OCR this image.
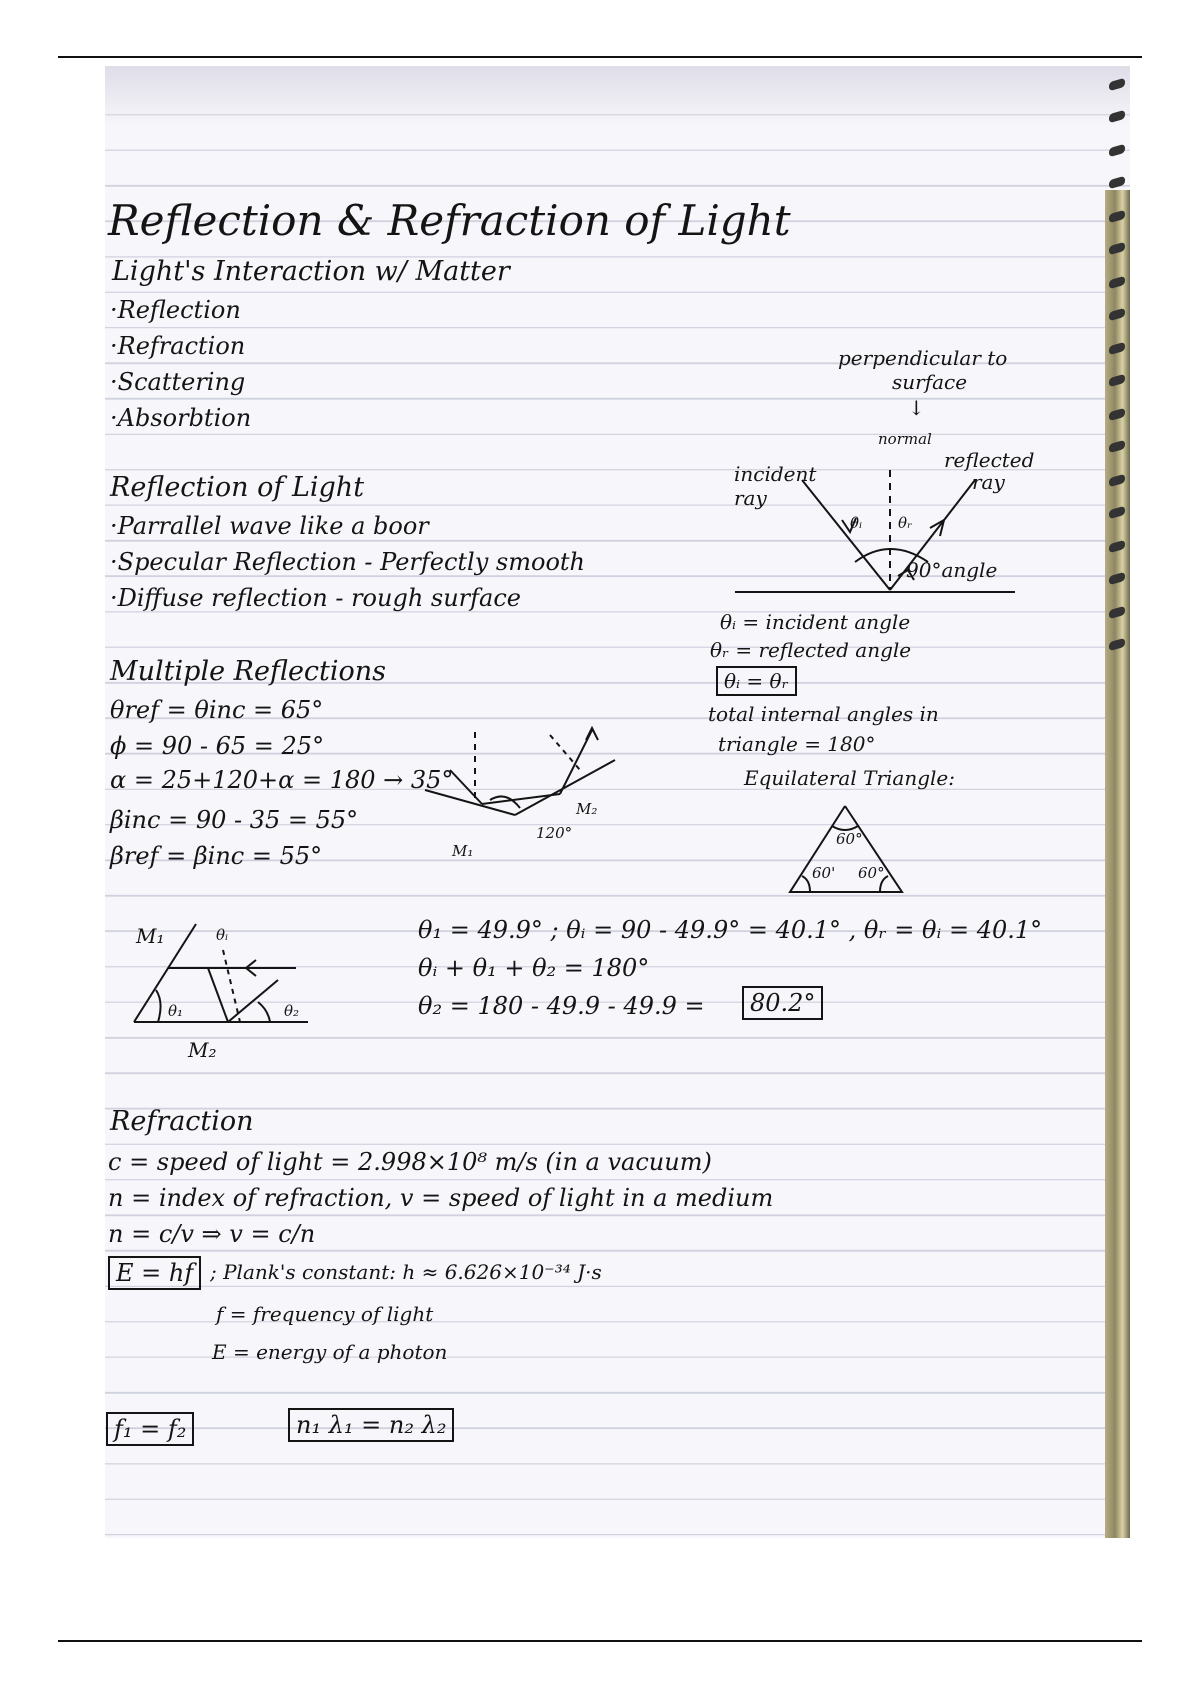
Reflection & Refraction of Light

Light's Interaction w/ Matter

·Reflection

·Refraction

·Scattering

·Absorbtion

Reflection of Light

·Parrallel wave like a boor

·Specular Reflection - Perfectly smooth

·Diffuse reflection - rough surface

perpendicular to

surface

↓

normal

incident

ray

reflected

ray

θᵢ θᵣ

90°angle

θᵢ = incident angle

θᵣ = reflected angle

θᵢ = θᵣ

total internal angles in

triangle = 180°

Equilateral Triangle:

60°

60' 60°

Multiple Reflections

θref = θinc = 65°

ϕ = 90 - 65 = 25°

α = 25+120+α = 180 → 35°

βinc = 90 - 35 = 55°

βref = βinc = 55°	M₁

M₂

120°

M₁

M₂

θ₁	θ₂

θᵢ	θ₁ = 49.9° ; θᵢ = 90 - 49.9° = 40.1° , θᵣ = θᵢ = 40.1°

θᵢ + θ₁ + θ₂ = 180°

θ₂ = 180 - 49.9 - 49.9 =	80.2°

Refraction

c = speed of light = 2.998×10⁸ m/s (in a vacuum)

n = index of refraction, v = speed of light in a medium

n = c/v ⇒ v = c/n

E = hf ; Plank's constant: h ≈ 6.626×10⁻³⁴ J·s

f = frequency of light

E = energy of a photon

f₁ = f₂	n₁ λ₁ = n₂ λ₂
